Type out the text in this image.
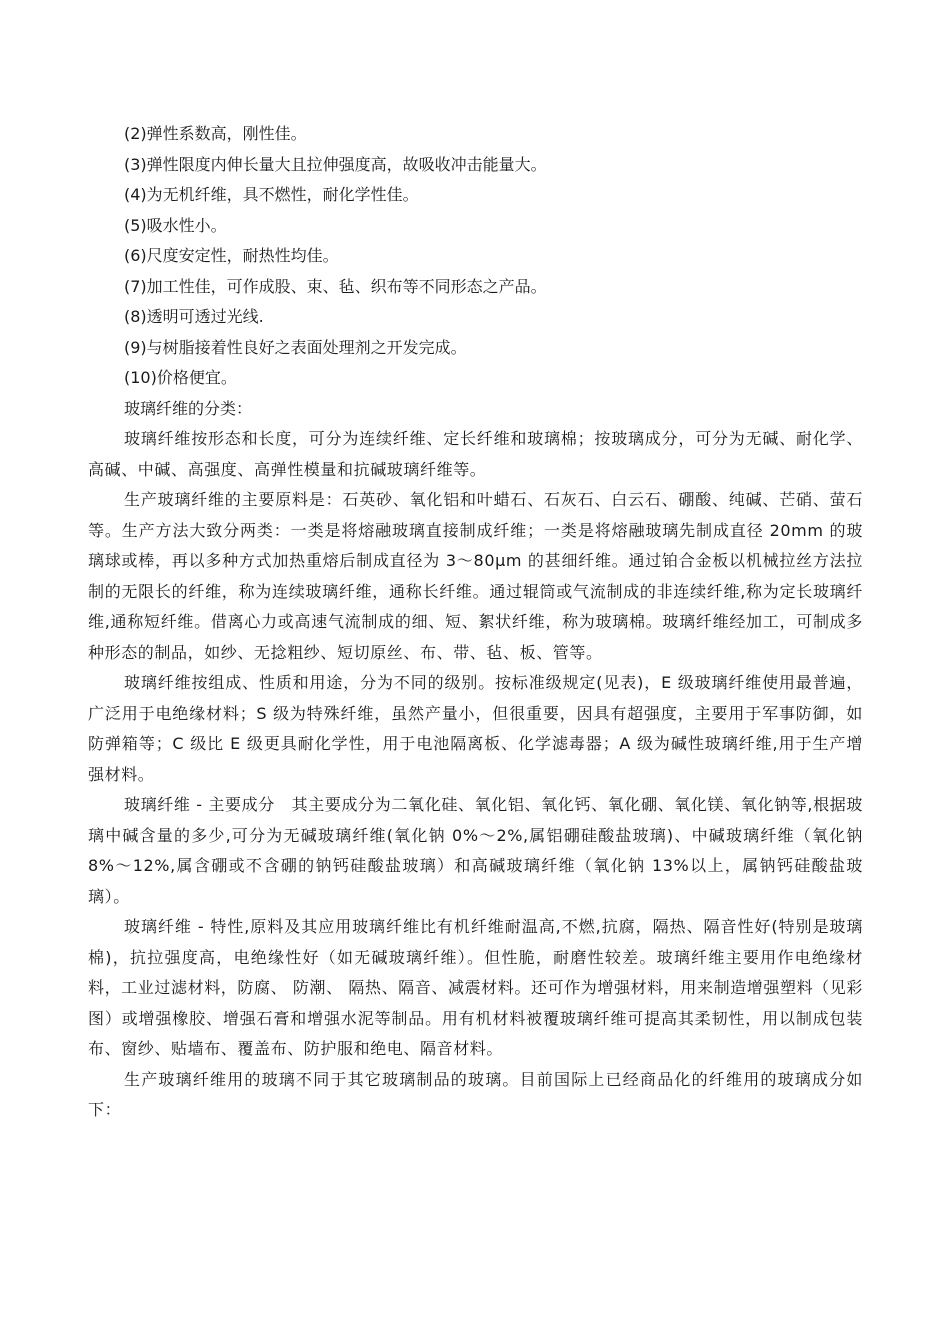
(2)弹性系数高，刚性佳。

(3)弹性限度内伸长量大且拉伸强度高，故吸收冲击能量大。

(4)为无机纤维，具不燃性，耐化学性佳。

(5)吸水性小。

(6)尺度安定性，耐热性均佳。

(7)加工性佳，可作成股、束、毡、织布等不同形态之产品。

(8)透明可透过光线.

(9)与树脂接着性良好之表面处理剂之开发完成。

(10)价格便宜。

玻璃纤维的分类：

玻璃纤维按形态和长度，可分为连续纤维、定长纤维和玻璃棉；按玻璃成分，可分为无碱、耐化学、高碱、中碱、高强度、高弹性模量和抗碱玻璃纤维等。

生产玻璃纤维的主要原料是：石英砂、氧化铝和叶蜡石、石灰石、白云石、硼酸、纯碱、芒硝、萤石等。生产方法大致分两类：一类是将熔融玻璃直接制成纤维；一类是将熔融玻璃先制成直径 20mm 的玻璃球或棒，再以多种方式加热重熔后制成直径为 3～80μm 的甚细纤维。通过铂合金板以机械拉丝方法拉制的无限长的纤维，称为连续玻璃纤维，通称长纤维。通过辊筒或气流制成的非连续纤维,称为定长玻璃纤维,通称短纤维。借离心力或高速气流制成的细、短、絮状纤维，称为玻璃棉。玻璃纤维经加工，可制成多种形态的制品，如纱、无捻粗纱、短切原丝、布、带、毡、板、管等。

玻璃纤维按组成、性质和用途，分为不同的级别。按标准级规定(见表)，E 级玻璃纤维使用最普遍，广泛用于电绝缘材料；S 级为特殊纤维，虽然产量小，但很重要，因具有超强度，主要用于军事防御，如防弹箱等；C 级比 E 级更具耐化学性，用于电池隔离板、化学滤毒器；A 级为碱性玻璃纤维,用于生产增强材料。

玻璃纤维 - 主要成分　其主要成分为二氧化硅、氧化铝、氧化钙、氧化硼、氧化镁、氧化钠等,根据玻璃中碱含量的多少,可分为无碱玻璃纤维(氧化钠 0%～2%,属铝硼硅酸盐玻璃)、中碱玻璃纤维（氧化钠 8%～12%,属含硼或不含硼的钠钙硅酸盐玻璃）和高碱玻璃纤维（氧化钠 13%以上，属钠钙硅酸盐玻璃）。

玻璃纤维 - 特性,原料及其应用玻璃纤维比有机纤维耐温高,不燃,抗腐，隔热、隔音性好(特别是玻璃棉)，抗拉强度高，电绝缘性好（如无碱玻璃纤维）。但性脆，耐磨性较差。玻璃纤维主要用作电绝缘材料，工业过滤材料，防腐、 防潮、 隔热、隔音、减震材料。还可作为增强材料，用来制造增强塑料（见彩图）或增强橡胶、增强石膏和增强水泥等制品。用有机材料被覆玻璃纤维可提高其柔韧性，用以制成包装布、窗纱、贴墙布、覆盖布、防护服和绝电、隔音材料。

生产玻璃纤维用的玻璃不同于其它玻璃制品的玻璃。目前国际上已经商品化的纤维用的玻璃成分如下：
